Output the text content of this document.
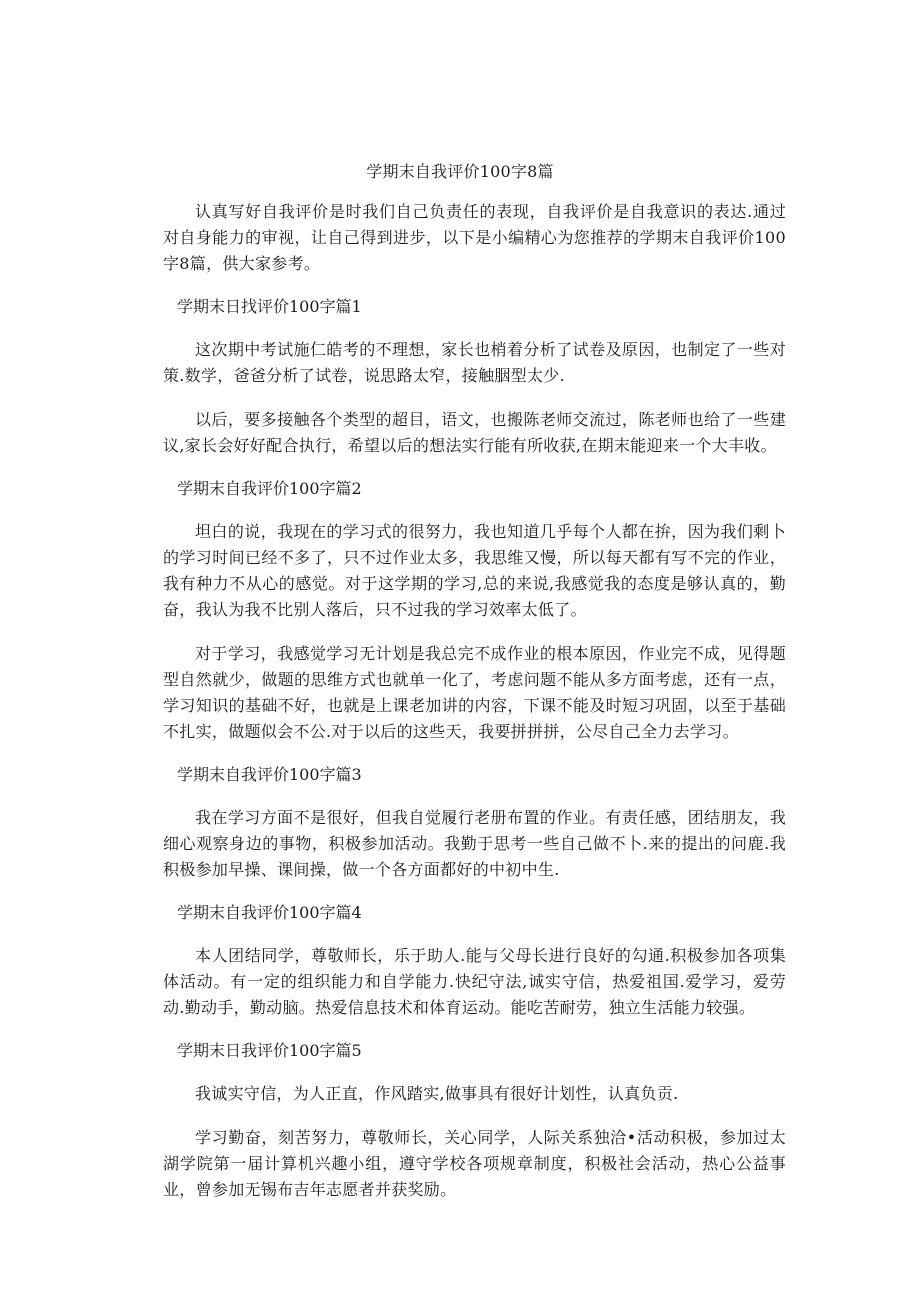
学期末自我评价100字8篇

认真写好自我评价是时我们自己负责任的表现，自我评价是自我意识的表达.通过对自身能力的审视，让自己得到进步，以下是小编精心为您推荐的学期末自我评价100字8篇，供大家参考。

学期末日找评价100字篇1

这次期中考试施仁皓考的不理想，家长也梢着分析了试卷及原因，也制定了一些对策.数学，爸爸分析了试卷，说思路太窄，接触胭型太少.

以后，要多接触各个类型的超目，语文，也搬陈老师交流过，陈老师也给了一些建议,家长会好好配合执行，希望以后的想法实行能有所收获,在期末能迎来一个大丰收。

学期末自我评价100字篇2

坦白的说，我现在的学习式的很努力，我也知道几乎每个人都在拚，因为我们剩卜的学习时间已经不多了，只不过作业太多，我思维又慢，所以每天都有写不完的作业，我有种力不从心的感觉。对于这学期的学习,总的来说,我感觉我的态度是够认真的，勤奋，我认为我不比别人落后，只不过我的学习效率太低了。

对于学习，我感觉学习无计划是我总完不成作业的根本原因，作业完不成，见得题型自然就少，做题的思维方式也就单一化了，考虑问题不能从多方面考虑，还有一点，学习知识的基础不好，也就是上课老加讲的内容，下课不能及时短习巩固，以至于基础不扎实，做题似会不公.对于以后的这些天，我要拼拼拼，公尽自己全力去学习。

学期末自我评价100字篇3

我在学习方面不是很好，但我自觉履行老册布置的作业。有责任感，团结朋友，我细心观察身边的事物，积极参加活动。我勤于思考一些自己做不卜.来的提出的问鹿.我积极参加早操、课间操，做一个各方面都好的中初中生.

学期末自我评价100字篇4

本人团结同学，尊敬师长，乐于助人.能与父母长进行良好的勾通.积极参加各项集体活动。有一定的组织能力和自学能力.快纪守法,诚实守信，热爱祖国.爱学习，爱劳动.勤动手，勤动脑。热爱信息技术和体育运动。能吃苦耐劳，独立生活能力较强。

学期末日我评价100字篇5

我诚实守信，为人正直，作风踏实,做事具有很好计划性，认真负贡.

学习勤奋，刻苦努力，尊敬师长，关心同学，人际关系独洽•活动积极，参加过太湖学院第一届计算机兴趣小组，遵守学校各项规章制度，积极社会活动，热心公益事业，曾参加无锡布吉年志愿者并获奖励。
